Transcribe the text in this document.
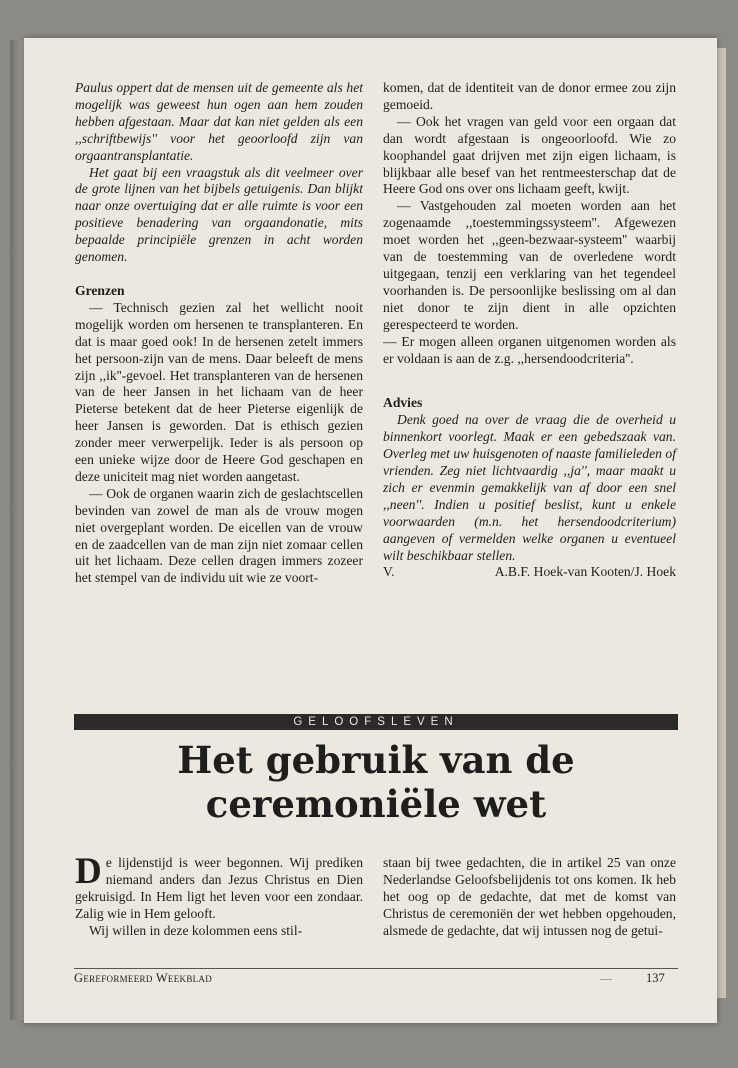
Paulus oppert dat de mensen uit de gemeente als het mogelijk was geweest hun ogen aan hem zouden hebben afgestaan. Maar dat kan niet gelden als een ,,schriftbewijs'' voor het geoorloofd zijn van orgaantransplantatie.

Het gaat bij een vraagstuk als dit veelmeer over de grote lijnen van het bijbels getuigenis. Dan blijkt naar onze overtuiging dat er alle ruimte is voor een positieve benadering van orgaandonatie, mits bepaalde principiële grenzen in acht worden genomen.

Grenzen

— Technisch gezien zal het wellicht nooit mogelijk worden om hersenen te transplanteren. En dat is maar goed ook! In de hersenen zetelt immers het persoon-zijn van de mens. Daar beleeft de mens zijn ,,ik''-gevoel. Het transplanteren van de hersenen van de heer Jansen in het lichaam van de heer Pieterse betekent dat de heer Pieterse eigenlijk de heer Jansen is geworden. Dat is ethisch gezien zonder meer verwerpelijk. Ieder is als persoon op een unieke wijze door de Heere God geschapen en deze uniciteit mag niet worden aangetast.

— Ook de organen waarin zich de geslachtscellen bevinden van zowel de man als de vrouw mogen niet overgeplant worden. De eicellen van de vrouw en de zaadcellen van de man zijn niet zomaar cellen uit het lichaam. Deze cellen dragen immers zozeer het stempel van de individu uit wie ze voort-

komen, dat de identiteit van de donor ermee zou zijn gemoeid.

— Ook het vragen van geld voor een orgaan dat dan wordt afgestaan is ongeoorloofd. Wie zo koophandel gaat drijven met zijn eigen lichaam, is blijkbaar alle besef van het rentmeesterschap dat de Heere God ons over ons lichaam geeft, kwijt.

— Vastgehouden zal moeten worden aan het zogenaamde ,,toestemmingssysteem''. Afgewezen moet worden het ,,geen-bezwaar-systeem'' waarbij van de toestemming van de overledene wordt uitgegaan, tenzij een verklaring van het tegendeel voorhanden is. De persoonlijke beslissing om al dan niet donor te zijn dient in alle opzichten gerespecteerd te worden.

— Er mogen alleen organen uitgenomen worden als er voldaan is aan de z.g. ,,hersendoodcriteria''.

Advies

Denk goed na over de vraag die de overheid u binnenkort voorlegt. Maak er een gebedszaak van. Overleg met uw huisgenoten of naaste familieleden of vrienden. Zeg niet lichtvaardig ,,ja'', maar maakt u zich er evenmin gemakkelijk van af door een snel ,,neen''. Indien u positief beslist, kunt u enkele voorwaarden (m.n. het hersendoodcriterium) aangeven of vermelden welke organen u eventueel wilt beschikbaar stellen.

V.	A.B.F. Hoek-van Kooten/J. Hoek
GELOOFSLEVEN
Het gebruik van de
ceremoniële wet

De lijdenstijd is weer begonnen. Wij prediken niemand anders dan Jezus Christus en Dien gekruisigd. In Hem ligt het leven voor een zondaar. Zalig wie in Hem gelooft.

Wij willen in deze kolommen eens stil-

staan bij twee gedachten, die in artikel 25 van onze Nederlandse Geloofsbelijdenis tot ons komen. Ik heb het oog op de gedachte, dat met de komst van Christus de ceremoniën der wet hebben opgehouden, alsmede de gedachte, dat wij intussen nog de getui-

Gereformeerd Weekblad	—	137
